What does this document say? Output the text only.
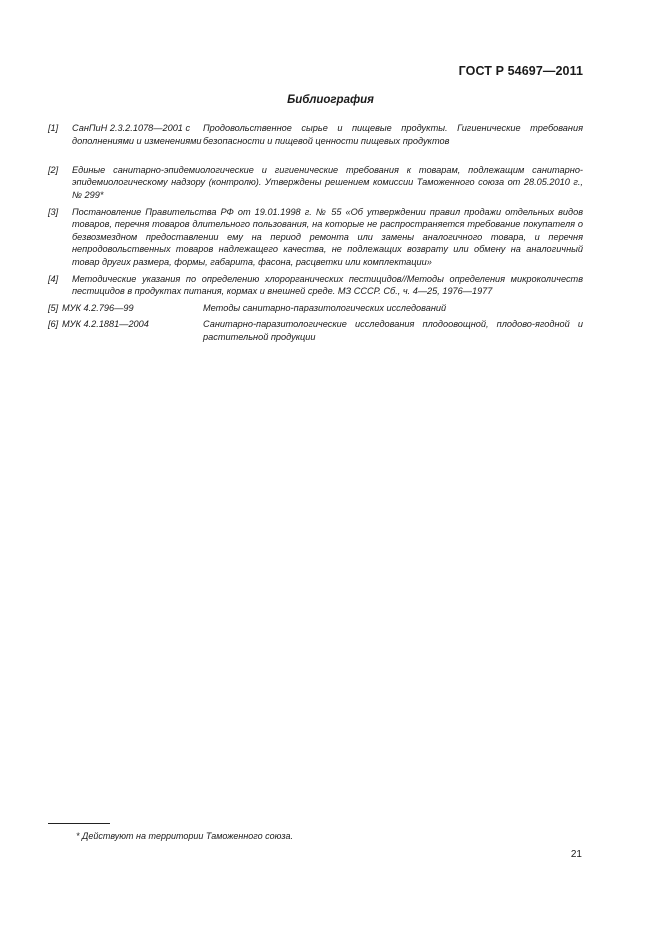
ГОСТ Р 54697—2011
Библиография
[1] СанПиН 2.3.2.1078—2001 с дополнениями и изменениями
Продовольственное сырье и пищевые продукты. Гигиенические требования безопасности и пищевой ценности пищевых продуктов
[2] Единые санитарно-эпидемиологические и гигиенические требования к товарам, подлежащим санитарно-эпидемиологическому надзору (контролю). Утверждены решением комиссии Таможенного союза от 28.05.2010 г., № 299*
[3] Постановление Правительства РФ от 19.01.1998 г. № 55 «Об утверждении правил продажи отдельных видов товаров, перечня товаров длительного пользования, на которые не распространяется требование покупателя о безвозмездном предоставлении ему на период ремонта или замены аналогичного товара, и перечня непродовольственных товаров надлежащего качества, не подлежащих возврату или обмену на аналогичный товар других размера, формы, габарита, фасона, расцветки или комплектации»
[4] Методические указания по определению хлорорганических пестицидов//Методы определения микроколичеств пестицидов в продуктах питания, кормах и внешней среде. МЗ СССР. Сб., ч. 4—25, 1976—1977
[5] МУК 4.2.796—99	Методы санитарно-паразитологических исследований
[6] МУК 4.2.1881—2004	Санитарно-паразитологические исследования плодоовощной, плодово-ягодной и растительной продукции
* Действуют на территории Таможенного союза.
21
